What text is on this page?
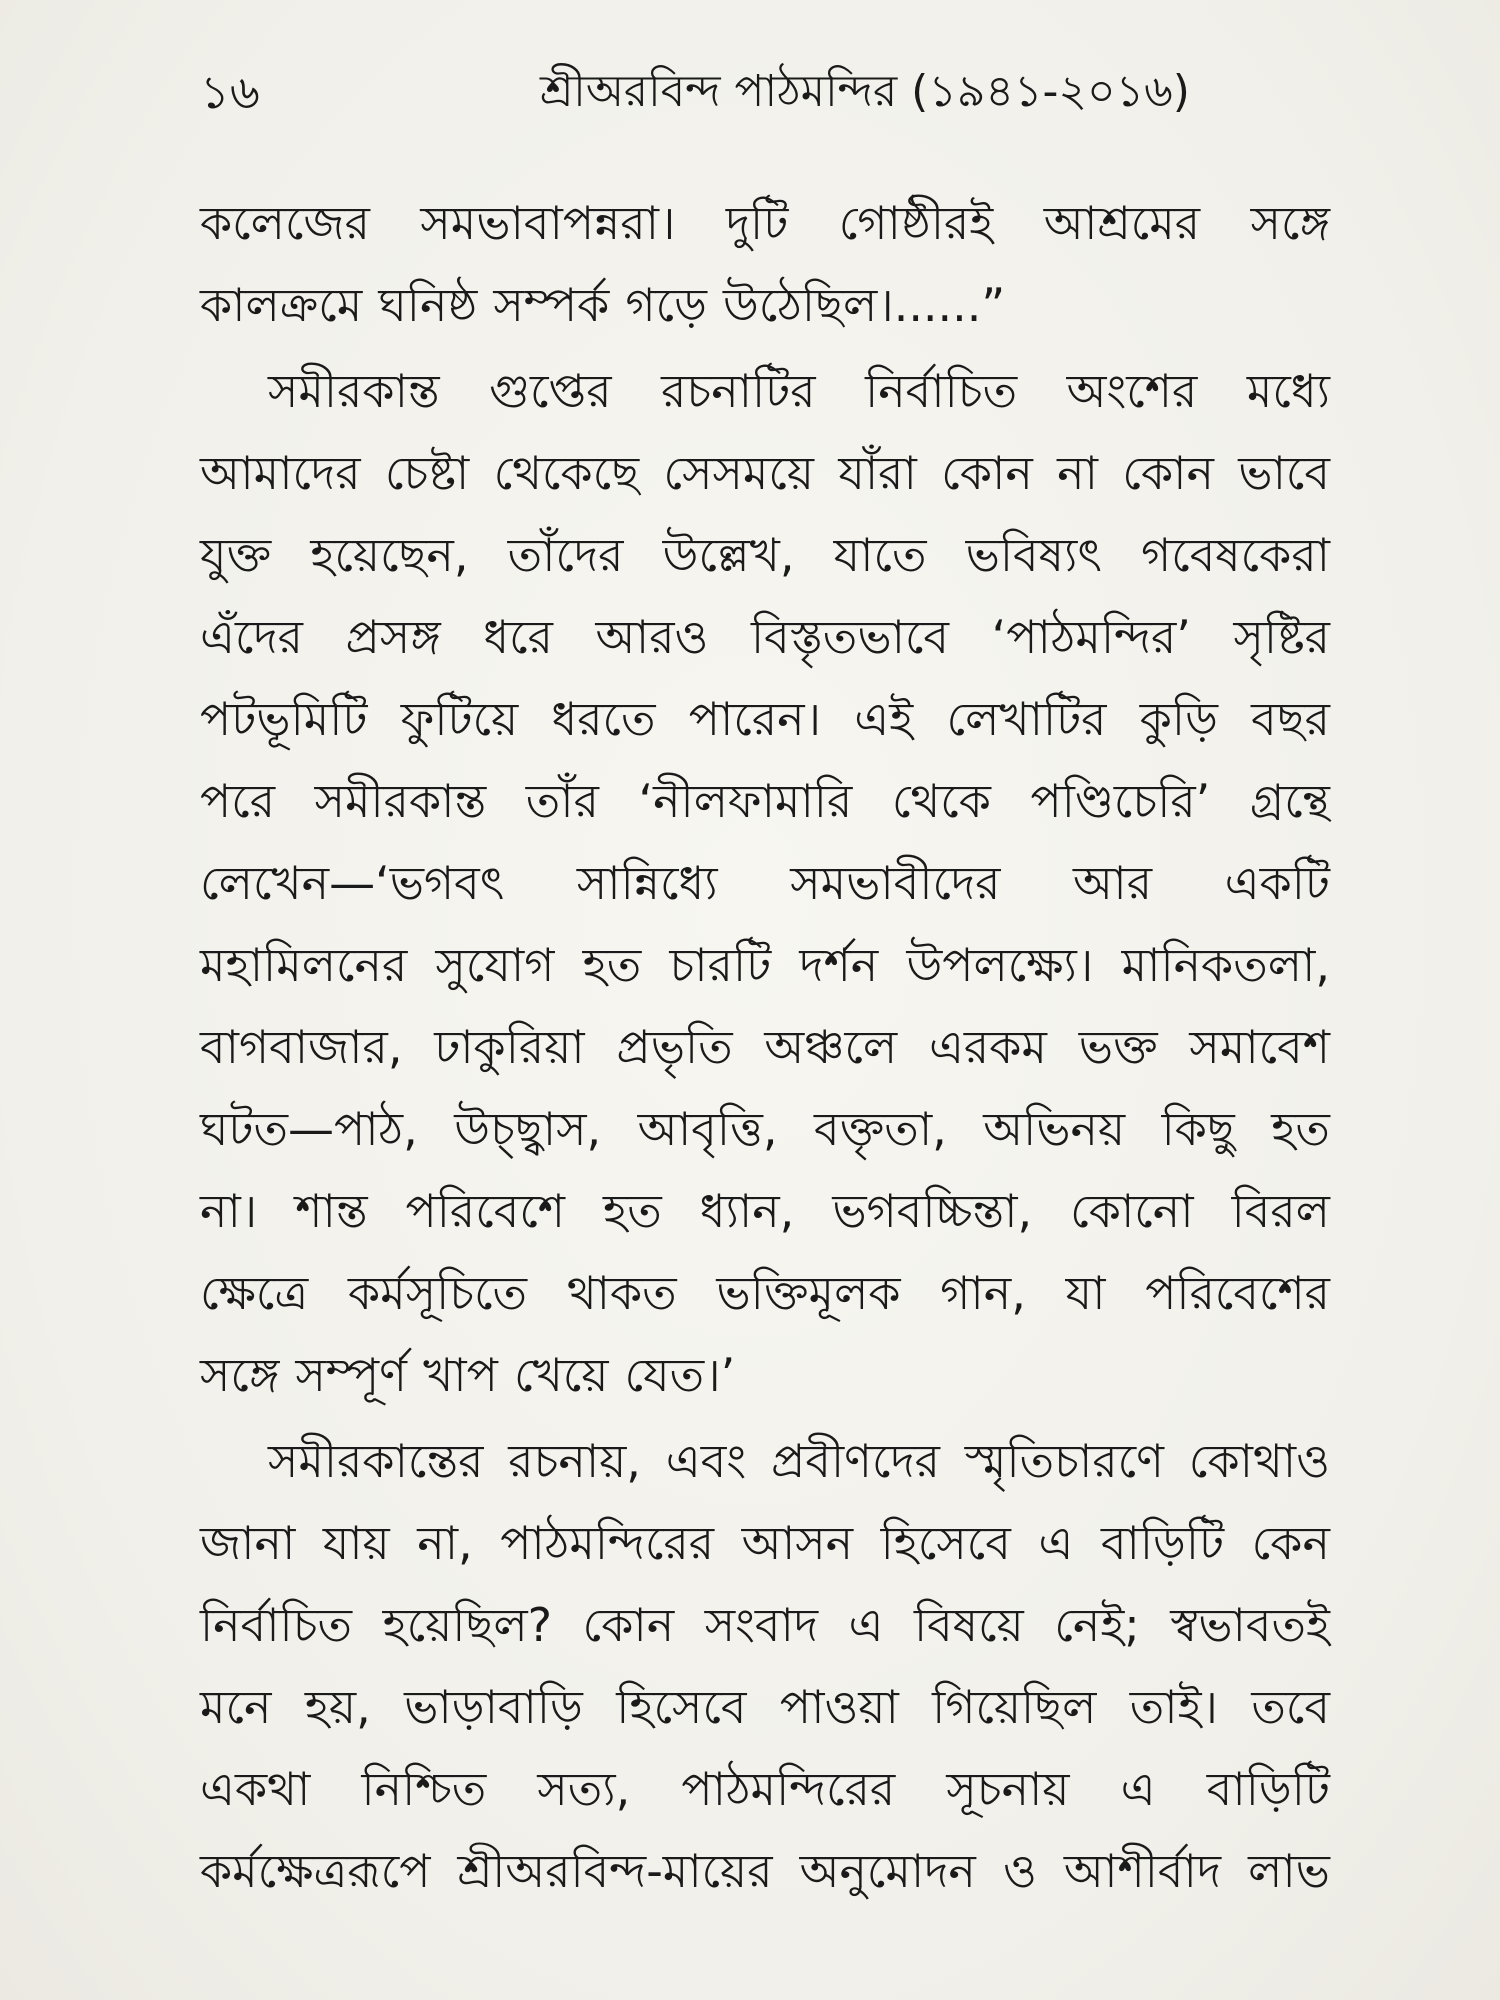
১৬	শ্রীঅরবিন্দ পাঠমন্দির (১৯৪১-২০১৬)
কলেজের সমভাবাপন্নরা। দুটি গোষ্ঠীরই আশ্রমের সঙ্গে
কালক্রমে ঘনিষ্ঠ সম্পর্ক গড়ে উঠেছিল।......”
সমীরকান্ত গুপ্তের রচনাটির নির্বাচিত অংশের মধ্যে
আমাদের চেষ্টা থেকেছে সেসময়ে যাঁরা কোন না কোন ভাবে
যুক্ত হয়েছেন, তাঁদের উল্লেখ, যাতে ভবিষ্যৎ গবেষকেরা
এঁদের প্রসঙ্গ ধরে আরও বিস্তৃতভাবে ‘পাঠমন্দির’ সৃষ্টির
পটভূমিটি ফুটিয়ে ধরতে পারেন। এই লেখাটির কুড়ি বছর
পরে সমীরকান্ত তাঁর ‘নীলফামারি থেকে পণ্ডিচেরি’ গ্রন্থে
লেখেন—‘ভগবৎ সান্নিধ্যে সমভাবীদের আর একটি
মহামিলনের সুযোগ হত চারটি দর্শন উপলক্ষ্যে। মানিকতলা,
বাগবাজার, ঢাকুরিয়া প্রভৃতি অঞ্চলে এরকম ভক্ত সমাবেশ
ঘটত—পাঠ, উচ্ছ্বাস, আবৃত্তি, বক্তৃতা, অভিনয় কিছু হত
না। শান্ত পরিবেশে হত ধ্যান, ভগবচ্চিন্তা, কোনো বিরল
ক্ষেত্রে কর্মসূচিতে থাকত ভক্তিমূলক গান, যা পরিবেশের
সঙ্গে সম্পূর্ণ খাপ খেয়ে যেত।’
সমীরকান্তের রচনায়, এবং প্রবীণদের স্মৃতিচারণে কোথাও
জানা যায় না, পাঠমন্দিরের আসন হিসেবে এ বাড়িটি কেন
নির্বাচিত হয়েছিল? কোন সংবাদ এ বিষয়ে নেই; স্বভাবতই
মনে হয়, ভাড়াবাড়ি হিসেবে পাওয়া গিয়েছিল তাই। তবে
একথা নিশ্চিত সত্য, পাঠমন্দিরের সূচনায় এ বাড়িটি
কর্মক্ষেত্ররূপে শ্রীঅরবিন্দ-মায়ের অনুমোদন ও আশীর্বাদ লাভ
